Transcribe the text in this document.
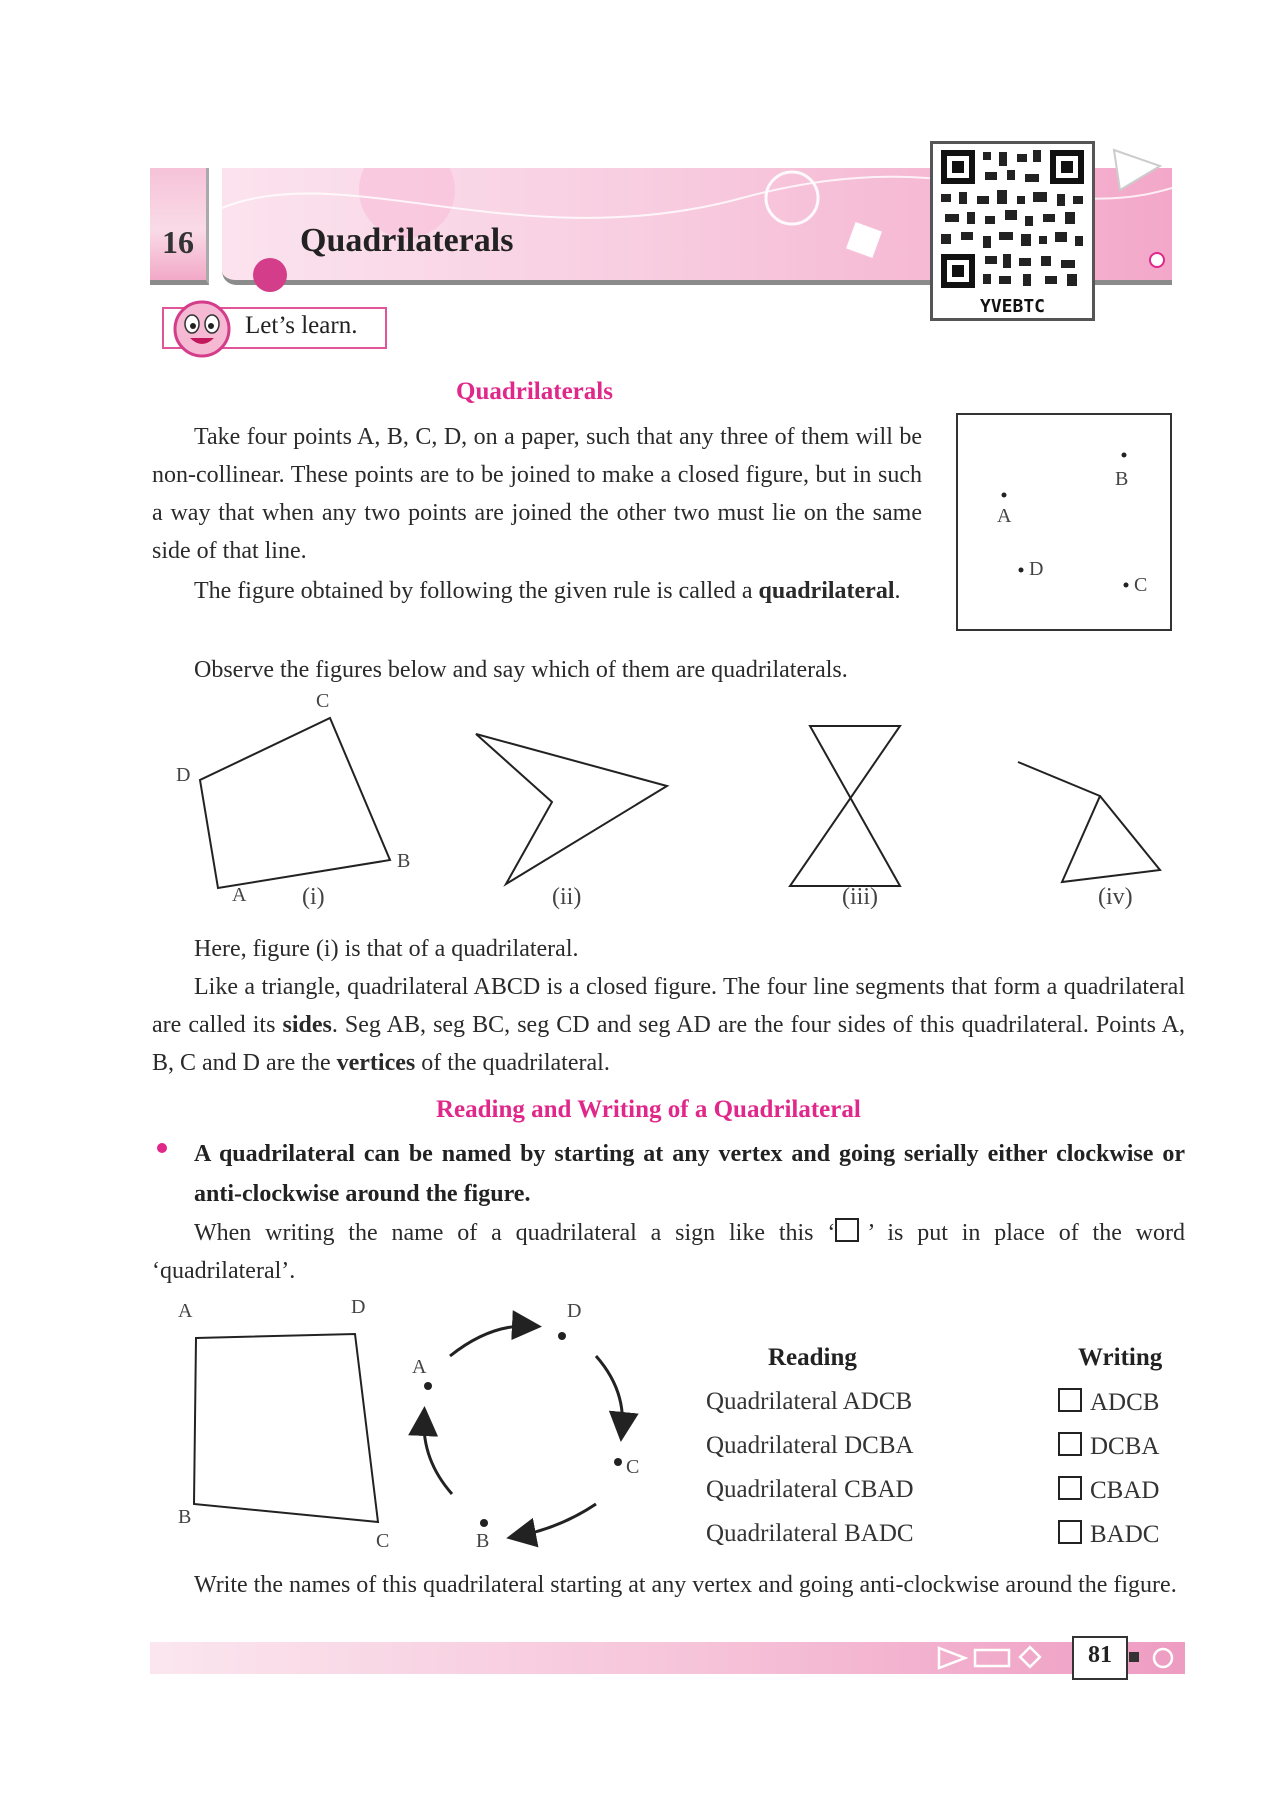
16	Quadrilaterals
YVEBTC
Let’s learn.
Quadrilaterals
Take four points A, B, C, D, on a paper, such that any three of them will be non-collinear. These points are to be joined to make a closed figure, but in such a way that when any two points are joined the other two must lie on the same side of that line.
The figure obtained by following the given rule is called a quadrilateral.
A
B
D
C
Observe the figures below and say which of them are quadrilaterals.
C
D
B
A (i)	(ii)	(iii)	(iv)
Here, figure (i) is that of a quadrilateral.
Like a triangle, quadrilateral ABCD is a closed figure. The four line segments that form a quadrilateral are called its sides. Seg AB, seg BC, seg CD and seg AD are the four sides of this quadrilateral. Points A, B, C and D are the vertices of the quadrilateral.
Reading and Writing of a Quadrilateral
A quadrilateral can be named by starting at any vertex and going serially either clockwise or anti-clockwise around the figure.
When writing the name of a quadrilateral a sign like this ‘ ’ is put in place of the word ‘quadrilateral’.
A	D
B
C
A
D
C
B
Reading	Writing
Quadrilateral ADCB	ADCB
Quadrilateral DCBA	DCBA
Quadrilateral CBAD	CBAD
Quadrilateral BADC	BADC
Write the names of this quadrilateral starting at any vertex and going anti-clockwise around the figure.
81
